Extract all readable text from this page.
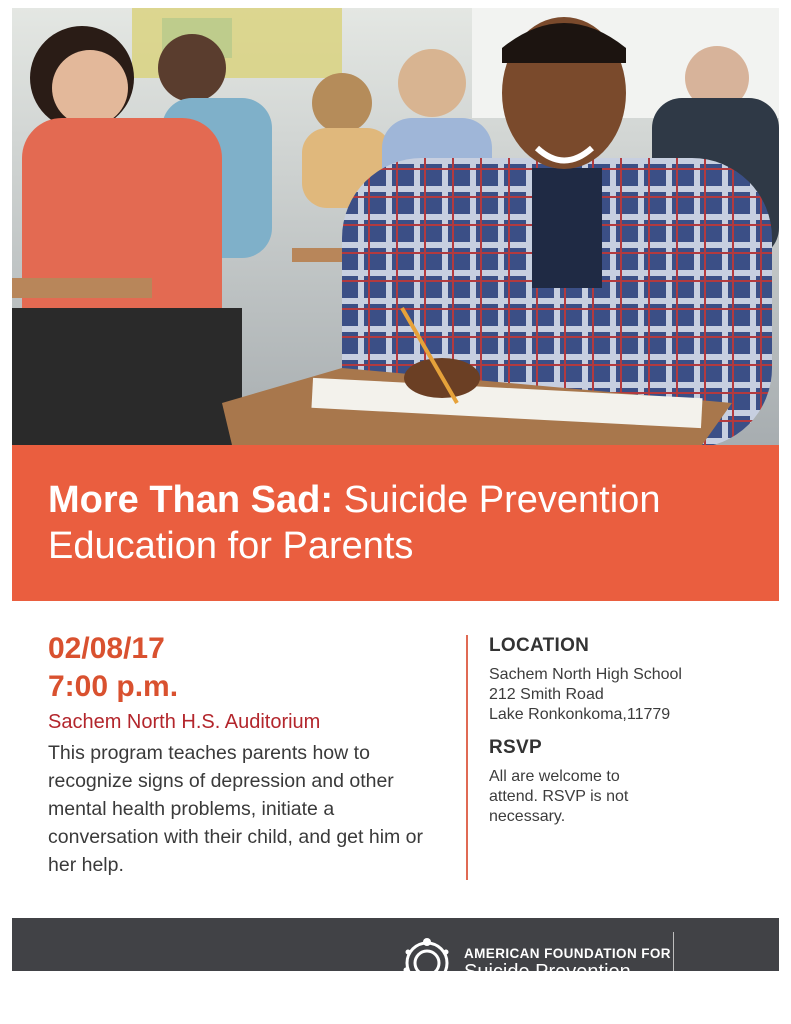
More Than Sad: Suicide Prevention Education for Parents
02/08/17
7:00 p.m.
Sachem North H.S. Auditorium
This program teaches parents how to recognize signs of depression and other mental health problems, initiate a conversation with their child, and get him or her help.
LOCATION
Sachem North High School
212 Smith Road
Lake Ronkonkoma,11779
RSVP
All are welcome to attend. RSVP is not necessary.
AMERICAN FOUNDATION FOR
Suicide Prevention
